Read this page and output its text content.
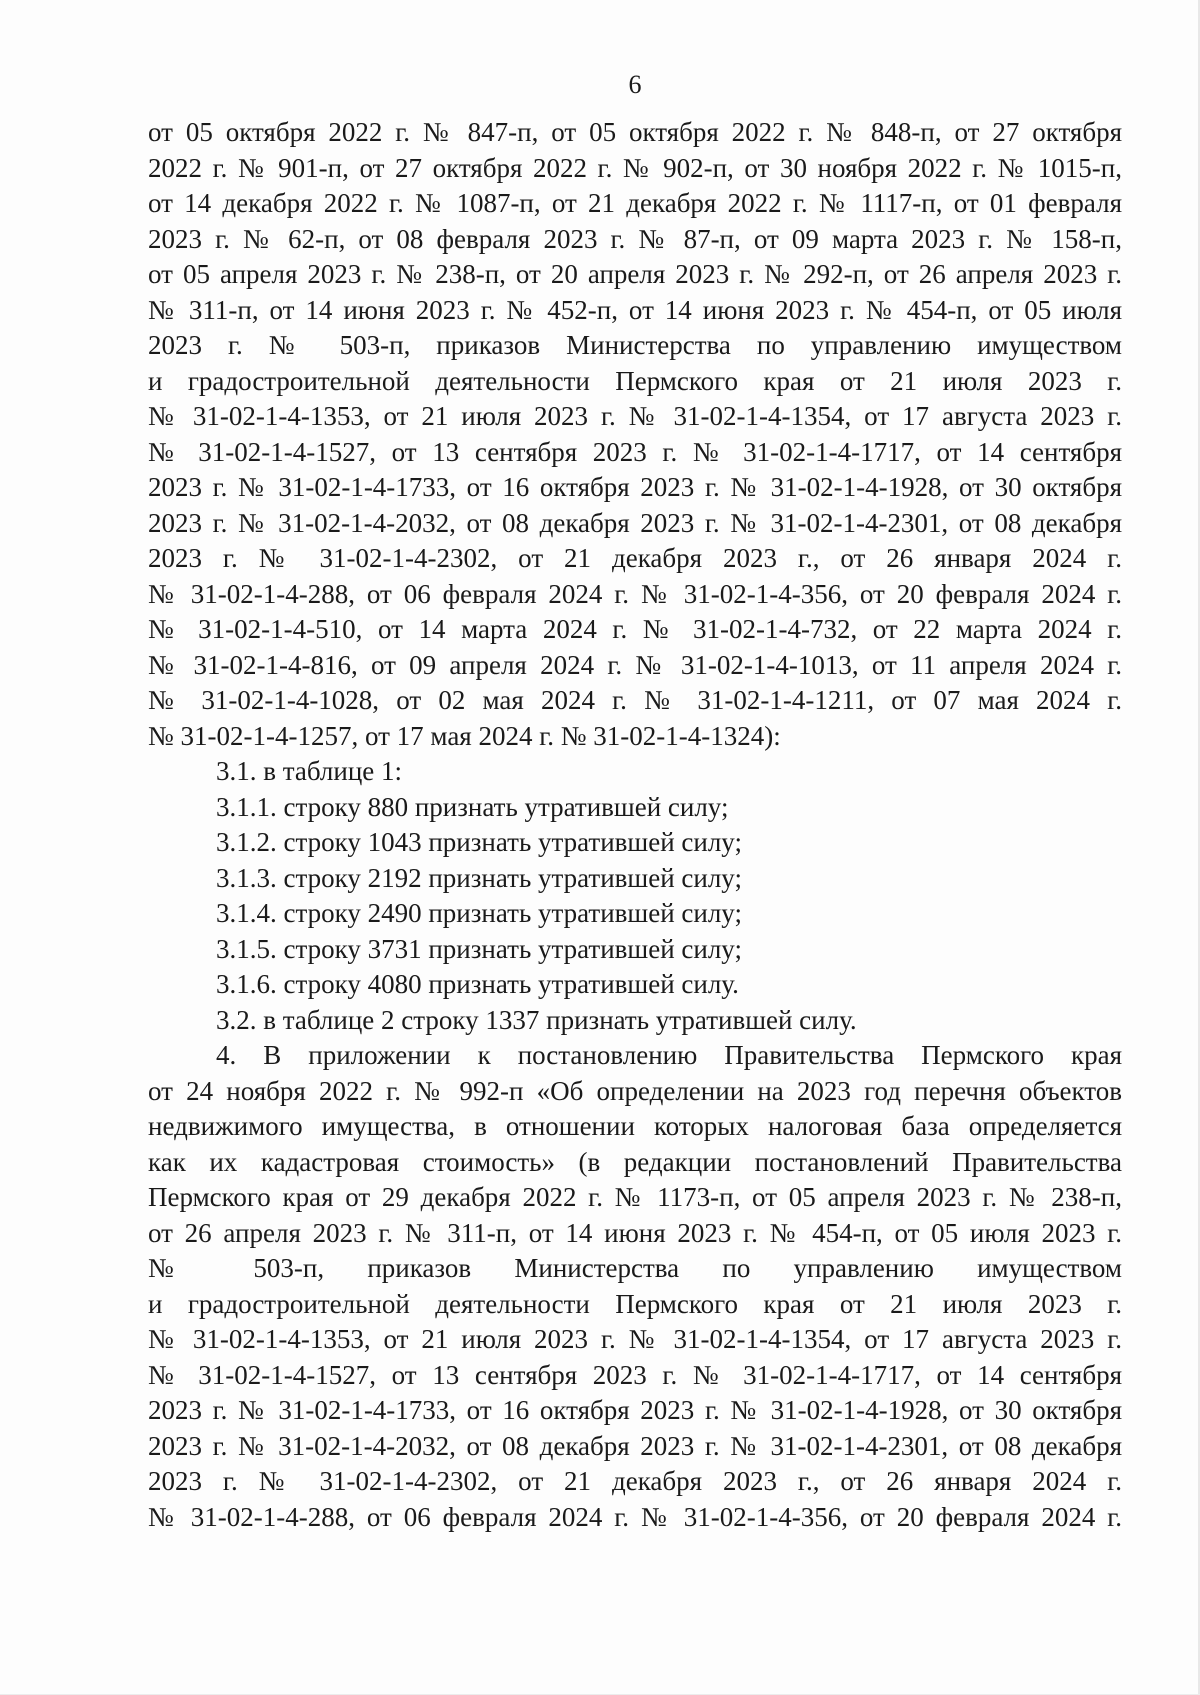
6
от 05 октября 2022 г. № 847-п, от 05 октября 2022 г. № 848-п, от 27 октября
2022 г. № 901-п, от 27 октября 2022 г. № 902-п, от 30 ноября 2022 г. № 1015-п,
от 14 декабря 2022 г. № 1087-п, от 21 декабря 2022 г. № 1117-п, от 01 февраля
2023 г. № 62-п, от 08 февраля 2023 г. № 87-п, от 09 марта 2023 г. № 158-п,
от 05 апреля 2023 г. № 238-п, от 20 апреля 2023 г. № 292-п, от 26 апреля 2023 г.
№ 311-п, от 14 июня 2023 г. № 452-п, от 14 июня 2023 г. № 454-п, от 05 июля
2023 г. № 503-п, приказов Министерства по управлению имуществом
и градостроительной деятельности Пермского края от 21 июля 2023 г.
№ 31-02-1-4-1353, от 21 июля 2023 г. № 31-02-1-4-1354, от 17 августа 2023 г.
№ 31-02-1-4-1527, от 13 сентября 2023 г. № 31-02-1-4-1717, от 14 сентября
2023 г. № 31-02-1-4-1733, от 16 октября 2023 г. № 31-02-1-4-1928, от 30 октября
2023 г. № 31-02-1-4-2032, от 08 декабря 2023 г. № 31-02-1-4-2301, от 08 декабря
2023 г. № 31-02-1-4-2302, от 21 декабря 2023 г., от 26 января 2024 г.
№ 31-02-1-4-288, от 06 февраля 2024 г. № 31-02-1-4-356, от 20 февраля 2024 г.
№ 31-02-1-4-510, от 14 марта 2024 г. № 31-02-1-4-732, от 22 марта 2024 г.
№ 31-02-1-4-816, от 09 апреля 2024 г. № 31-02-1-4-1013, от 11 апреля 2024 г.
№ 31-02-1-4-1028, от 02 мая 2024 г. № 31-02-1-4-1211, от 07 мая 2024 г.
№ 31-02-1-4-1257, от 17 мая 2024 г. № 31-02-1-4-1324):
3.1. в таблице 1:
3.1.1. строку 880 признать утратившей силу;
3.1.2. строку 1043 признать утратившей силу;
3.1.3. строку 2192 признать утратившей силу;
3.1.4. строку 2490 признать утратившей силу;
3.1.5. строку 3731 признать утратившей силу;
3.1.6. строку 4080 признать утратившей силу.
3.2. в таблице 2 строку 1337 признать утратившей силу.
4. В приложении к постановлению Правительства Пермского края
от 24 ноября 2022 г. № 992-п «Об определении на 2023 год перечня объектов
недвижимого имущества, в отношении которых налоговая база определяется
как их кадастровая стоимость» (в редакции постановлений Правительства
Пермского края от 29 декабря 2022 г. № 1173-п, от 05 апреля 2023 г. № 238-п,
от 26 апреля 2023 г. № 311-п, от 14 июня 2023 г. № 454-п, от 05 июля 2023 г.
№ 503-п, приказов Министерства по управлению имуществом
и градостроительной деятельности Пермского края от 21 июля 2023 г.
№ 31-02-1-4-1353, от 21 июля 2023 г. № 31-02-1-4-1354, от 17 августа 2023 г.
№ 31-02-1-4-1527, от 13 сентября 2023 г. № 31-02-1-4-1717, от 14 сентября
2023 г. № 31-02-1-4-1733, от 16 октября 2023 г. № 31-02-1-4-1928, от 30 октября
2023 г. № 31-02-1-4-2032, от 08 декабря 2023 г. № 31-02-1-4-2301, от 08 декабря
2023 г. № 31-02-1-4-2302, от 21 декабря 2023 г., от 26 января 2024 г.
№ 31-02-1-4-288, от 06 февраля 2024 г. № 31-02-1-4-356, от 20 февраля 2024 г.
